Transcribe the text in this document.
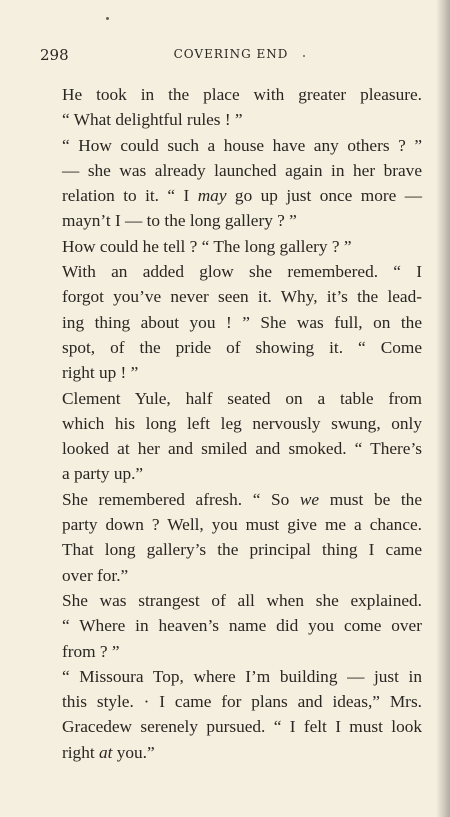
298	COVERING END

He took in the place with greater pleasure.
“ What delightful rules ! ”

“ How could such a house have any others ? ”
— she was already launched again in her brave
relation to it. “ I may go up just once more —
mayn’t I — to the long gallery ? ”

How could he tell ? “ The long gallery ? ”

With an added glow she remembered. “ I
forgot you’ve never seen it. Why, it’s the lead-
ing thing about you ! ” She was full, on the
spot, of the pride of showing it. “ Come
right up ! ”

Clement Yule, half seated on a table from
which his long left leg nervously swung, only
looked at her and smiled and smoked. “ There’s
a party up.”

She remembered afresh. “ So we must be the
party down ? Well, you must give me a chance.
That long gallery’s the principal thing I came
over for.”

She was strangest of all when she explained.
“ Where in heaven’s name did you come over
from ? ”

“ Missoura Top, where I’m building — just in
this style. · I came for plans and ideas,” Mrs.
Gracedew serenely pursued. “ I felt I must look
right at you.”
